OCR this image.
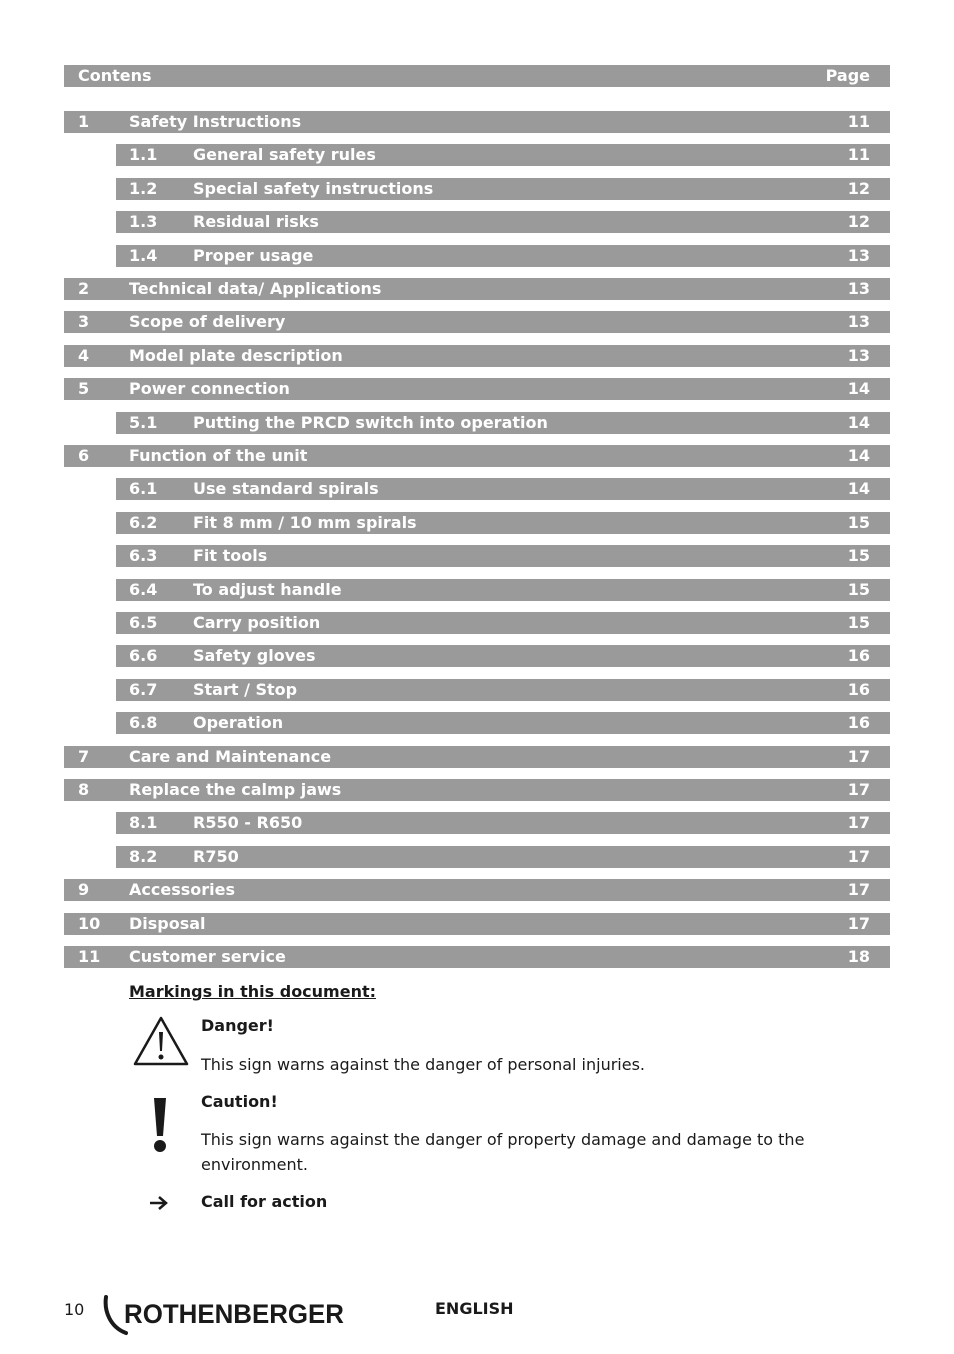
Contens	Page
1 Safety Instructions	11
1.1 General safety rules	11
1.2 Special safety instructions	12
1.3 Residual risks	12
1.4 Proper usage	13
2 Technical data/ Applications	13
3 Scope of delivery	13
4 Model plate description	13
5 Power connection	14
5.1 Putting the PRCD switch into operation	14
6 Function of the unit	14
6.1 Use standard spirals	14
6.2 Fit 8 mm / 10 mm spirals	15
6.3 Fit tools	15
6.4 To adjust handle	15
6.5 Carry position	15
6.6 Safety gloves	16
6.7 Start / Stop	16
6.8 Operation	16
7 Care and Maintenance	17
8 Replace the calmp jaws	17
8.1 R550 - R650	17
8.2 R750	17
9 Accessories	17
10 Disposal	17
11 Customer service	18
Markings in this document:
Danger!
This sign warns against the danger of personal injuries.
Caution!
This sign warns against the danger of property damage and damage to the environment.
Call for action
10 ROTHENBERGER	ENGLISH
